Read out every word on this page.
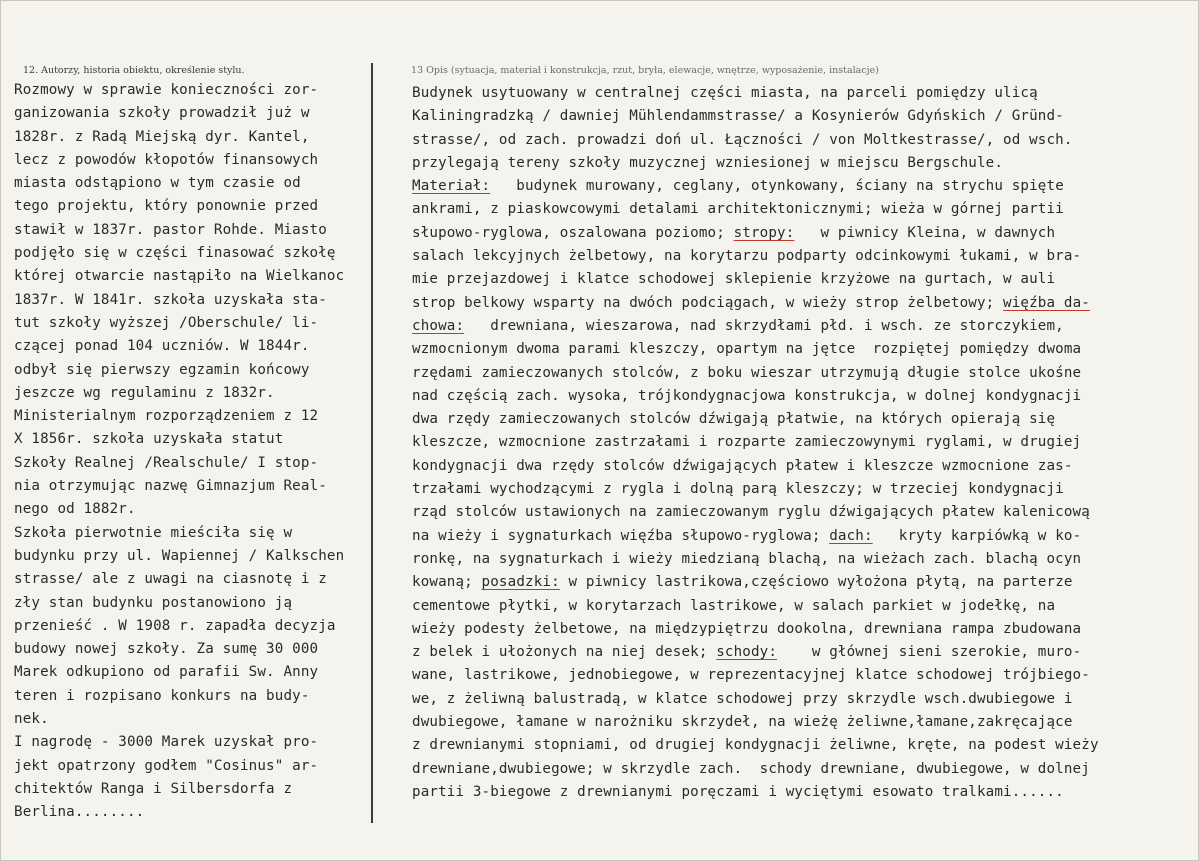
12. Autorzy, historia obiektu, określenie stylu.	13 Opis (sytuacja, materiał i konstrukcja, rzut, bryła, elewacje, wnętrze, wyposażenie, instalacje)
Rozmowy w sprawie konieczności zor-
ganizowania szkoły prowadził już w
1828r. z Radą Miejską dyr. Kantel,
lecz z powodów kłopotów finansowych
miasta odstąpiono w tym czasie od
tego projektu, który ponownie przed
stawił w 1837r. pastor Rohde. Miasto
podjęło się w części finasować szkołę
której otwarcie nastąpiło na Wielkanoc
1837r. W 1841r. szkoła uzyskała sta-
tut szkoły wyższej /Oberschule/ li-
czącej ponad 104 uczniów. W 1844r.
odbył się pierwszy egzamin końcowy
jeszcze wg regulaminu z 1832r.
Ministerialnym rozporządzeniem z 12
X 1856r. szkoła uzyskała statut
Szkoły Realnej /Realschule/ I stop-
nia otrzymując nazwę Gimnazjum Real-
nego od 1882r.
Szkoła pierwotnie mieściła się w
budynku przy ul. Wapiennej / Kalkschen
strasse/ ale z uwagi na ciasnotę i z
zły stan budynku postanowiono ją
przenieść . W 1908 r. zapadła decyzja
budowy nowej szkoły. Za sumę 30 000
Marek odkupiono od parafii Sw. Anny
teren i rozpisano konkurs na budy-
nek.
I nagrodę - 3000 Marek uzyskał pro-
jekt opatrzony godłem "Cosinus" ar-
chitektów Ranga i Silbersdorfa z
Berlina........
Budynek usytuowany w centralnej części miasta, na parceli pomiędzy ulicą
Kaliningradzką / dawniej Mühlendammstrasse/ a Kosynierów Gdyńskich / Gründ-
strasse/, od zach. prowadzi doń ul. Łączności / von Moltkestrasse/, od wsch.
przylegają tereny szkoły muzycznej wzniesionej w miejscu Bergschule.
Materiał:   budynek murowany, ceglany, otynkowany, ściany na strychu spięte
ankrami, z piaskowcowymi detalami architektonicznymi; wieża w górnej partii
słupowo-ryglowa, oszalowana poziomo; stropy:   w piwnicy Kleina, w dawnych
salach lekcyjnych żelbetowy, na korytarzu podparty odcinkowymi łukami, w bra-
mie przejazdowej i klatce schodowej sklepienie krzyżowe na gurtach, w auli
strop belkowy wsparty na dwóch podciągach, w wieży strop żelbetowy; więźba da-
chowa:   drewniana, wieszarowa, nad skrzydłami płd. i wsch. ze storczykiem,
wzmocnionym dwoma parami kleszczy, opartym na jętce  rozpiętej pomiędzy dwoma
rzędami zamieczowanych stolców, z boku wieszar utrzymują długie stolce ukośne
nad częścią zach. wysoka, trójkondygnacjowa konstrukcja, w dolnej kondygnacji
dwa rzędy zamieczowanych stolców dźwigają płatwie, na których opierają się
kleszcze, wzmocnione zastrzałami i rozparte zamieczowynymi ryglami, w drugiej
kondygnacji dwa rzędy stolców dźwigających płatew i kleszcze wzmocnione zas-
trzałami wychodzącymi z rygla i dolną parą kleszczy; w trzeciej kondygnacji
rząd stolców ustawionych na zamieczowanym ryglu dźwigających płatew kalenicową
na wieży i sygnaturkach więźba słupowo-ryglowa; dach:   kryty karpiówką w ko-
ronkę, na sygnaturkach i wieży miedzianą blachą, na wieżach zach. blachą ocyn
kowaną; posadzki: w piwnicy lastrikowa,częściowo wyłożona płytą, na parterze
cementowe płytki, w korytarzach lastrikowe, w salach parkiet w jodełkę, na
wieży podesty żelbetowe, na międzypiętrzu dookolna, drewniana rampa zbudowana
z belek i ułożonych na niej desek; schody:    w głównej sieni szerokie, muro-
wane, lastrikowe, jednobiegowe, w reprezentacyjnej klatce schodowej trójbiego-
we, z żeliwną balustradą, w klatce schodowej przy skrzydle wsch.dwubiegowe i
dwubiegowe, łamane w narożniku skrzydeł, na wieżę żeliwne,łamane,zakręcające
z drewnianymi stopniami, od drugiej kondygnacji żeliwne, kręte, na podest wieży
drewniane,dwubiegowe; w skrzydle zach.  schody drewniane, dwubiegowe, w dolnej
partii 3-biegowe z drewnianymi poręczami i wyciętymi esowato tralkami......
